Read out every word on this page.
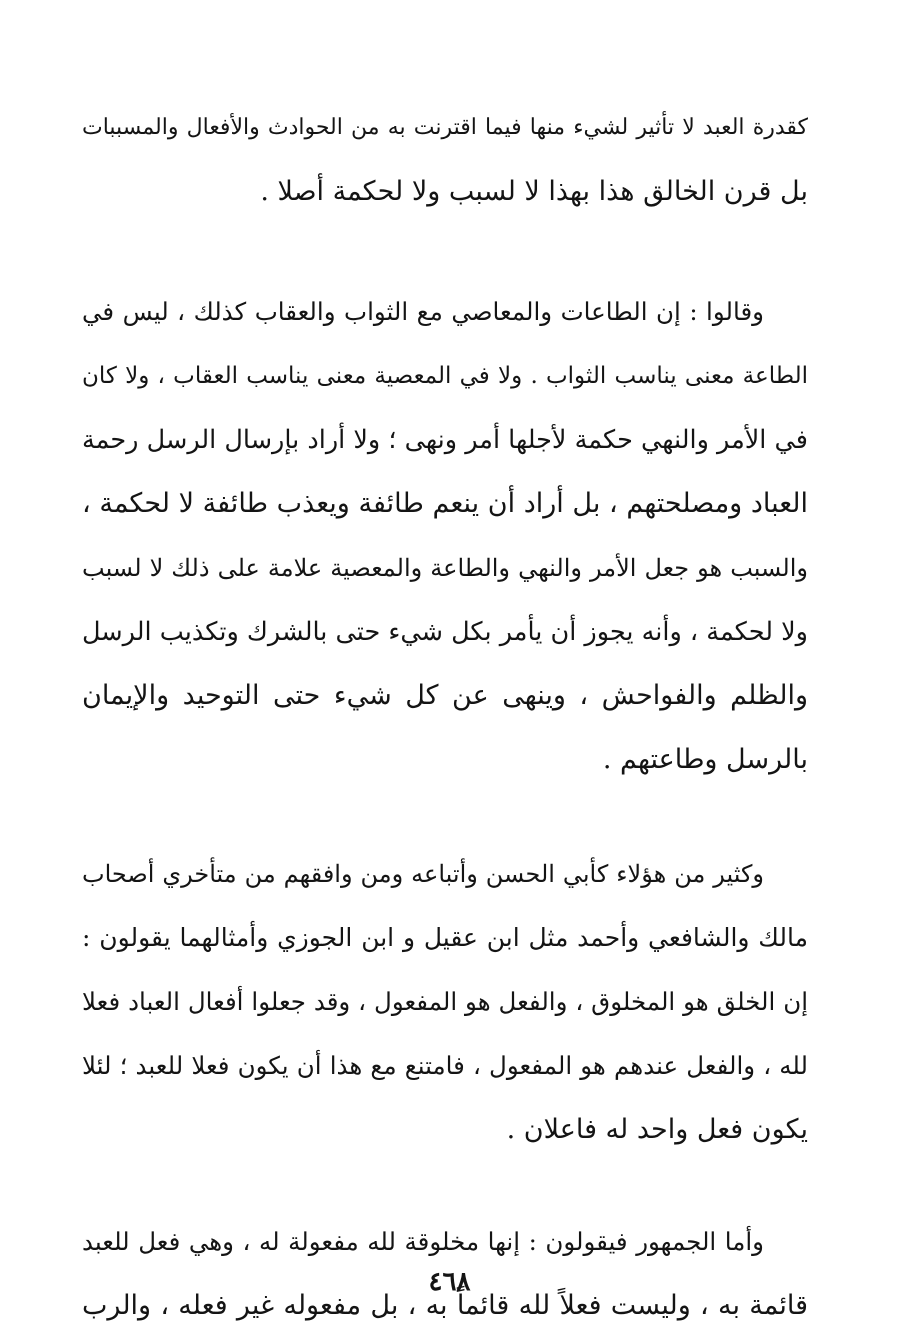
كقدرة العبد لا تأثير لشيء منها فيما اقترنت به من الحوادث والأفعال والمسببات
بل قرن الخالق هذا بهذا لا لسبب ولا لحكمة أصلا .
وقالوا : إن الطاعات والمعاصي مع الثواب والعقاب كذلك ، ليس في
الطاعة معنى يناسب الثواب . ولا في المعصية معنى يناسب العقاب ، ولا كان
في الأمر والنهي حكمة لأجلها أمر ونهى ؛ ولا أراد بإرسال الرسل رحمة
العباد ومصلحتهم ، بل أراد أن ينعم طائفة ويعذب طائفة لا لحكمة ،
والسبب هو جعل الأمر والنهي والطاعة والمعصية علامة على ذلك لا لسبب
ولا لحكمة ، وأنه يجوز أن يأمر بكل شيء حتى بالشرك وتكذيب الرسل
والظلم والفواحش ، وينهى عن كل شيء حتى التوحيد والإيمان
بالرسل وطاعتهم .
وكثير من هؤلاء كأبي الحسن وأتباعه ومن وافقهم من متأخري أصحاب
مالك والشافعي وأحمد مثل ابن عقيل و ابن الجوزي وأمثالهما يقولون :
إن الخلق هو المخلوق ، والفعل هو المفعول ، وقد جعلوا أفعال العباد فعلا
لله ، والفعل عندهم هو المفعول ، فامتنع مع هذا أن يكون فعلا للعبد ؛ لئلا
يكون فعل واحد له فاعلان .
وأما الجمهور فيقولون : إنها مخلوقة لله مفعولة له ، وهي فعل للعبد
قائمة به ، وليست فعلاً لله قائماً به ، بل مفعوله غير فعله ، والرب
٤٦٨
